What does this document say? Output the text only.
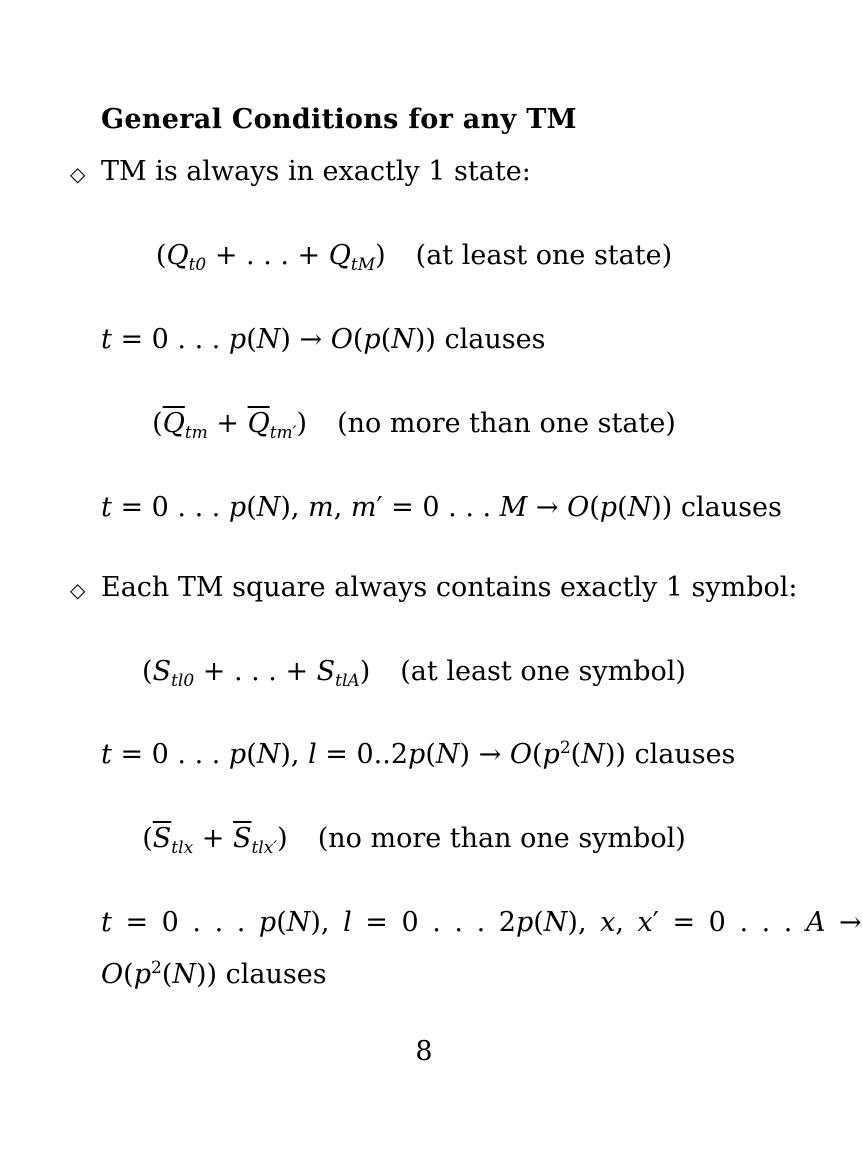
General Conditions for any TM
◇ TM is always in exactly 1 state:
($Q_{t0}$ + . . . + $Q_{tM}$) (at least one state)
t = 0 . . . p(N) → O(p(N)) clauses
$(\overline{Q}_{tm} + \overline{Q}_{tm'})$ (no more than one state)
t = 0 . . . p(N), m, m′ = 0 . . . M → O(p(N)) clauses
◇ Each TM square always contains exactly 1 symbol:
($S_{tl0}$ + . . . + $S_{tlA}$) (at least one symbol)
t = 0 . . . p(N), $l = 0..2p(N) \to O(p^2(N))$ clauses
$(\overline{S}_{tlx} + \overline{S}_{tlx'})$ (no more than one symbol)
t = 0 . . . p(N), l = 0 . . . 2p(N), x, x′ = 0 . . . A →
$O(p^2(N))$ clauses
8
